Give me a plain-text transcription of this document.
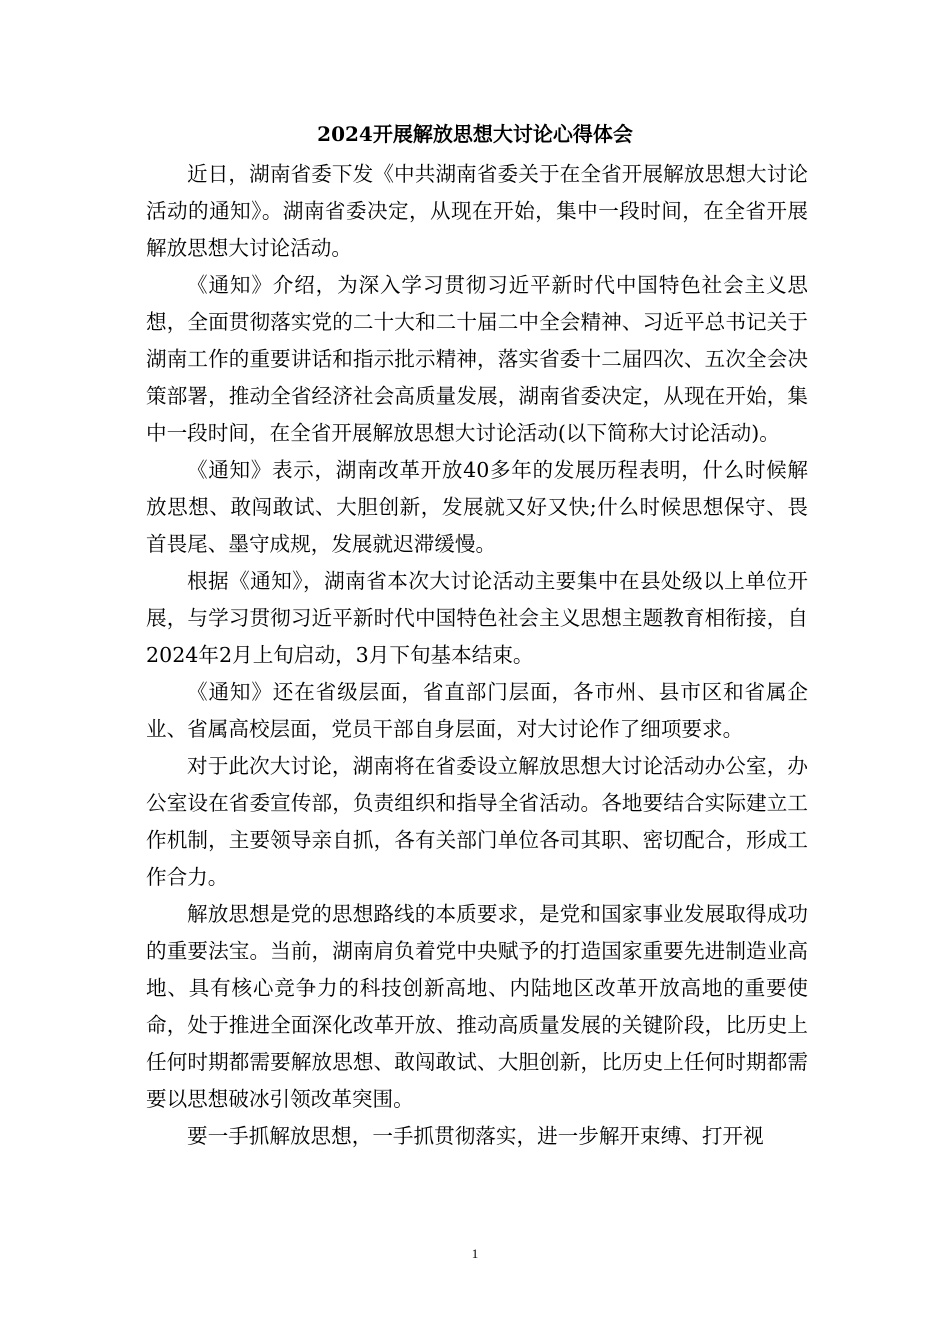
2024开展解放思想大讨论心得体会

近日，湖南省委下发《中共湖南省委关于在全省开展解放思想大讨论活动的通知》。湖南省委决定，从现在开始，集中一段时间，在全省开展解放思想大讨论活动。

《通知》介绍，为深入学习贯彻习近平新时代中国特色社会主义思想，全面贯彻落实党的二十大和二十届二中全会精神、习近平总书记关于湖南工作的重要讲话和指示批示精神，落实省委十二届四次、五次全会决策部署，推动全省经济社会高质量发展，湖南省委决定，从现在开始，集中一段时间，在全省开展解放思想大讨论活动(以下简称大讨论活动)。

《通知》表示，湖南改革开放40多年的发展历程表明，什么时候解放思想、敢闯敢试、大胆创新，发展就又好又快;什么时候思想保守、畏首畏尾、墨守成规，发展就迟滞缓慢。

根据《通知》，湖南省本次大讨论活动主要集中在县处级以上单位开展，与学习贯彻习近平新时代中国特色社会主义思想主题教育相衔接，自2024年2月上旬启动，3月下旬基本结束。

《通知》还在省级层面，省直部门层面，各市州、县市区和省属企业、省属高校层面，党员干部自身层面，对大讨论作了细项要求。

对于此次大讨论，湖南将在省委设立解放思想大讨论活动办公室，办公室设在省委宣传部，负责组织和指导全省活动。各地要结合实际建立工作机制，主要领导亲自抓，各有关部门单位各司其职、密切配合，形成工作合力。

解放思想是党的思想路线的本质要求，是党和国家事业发展取得成功的重要法宝。当前，湖南肩负着党中央赋予的打造国家重要先进制造业高地、具有核心竞争力的科技创新高地、内陆地区改革开放高地的重要使命，处于推进全面深化改革开放、推动高质量发展的关键阶段，比历史上任何时期都需要解放思想、敢闯敢试、大胆创新，比历史上任何时期都需要以思想破冰引领改革突围。

要一手抓解放思想，一手抓贯彻落实，进一步解开束缚、打开视

1
